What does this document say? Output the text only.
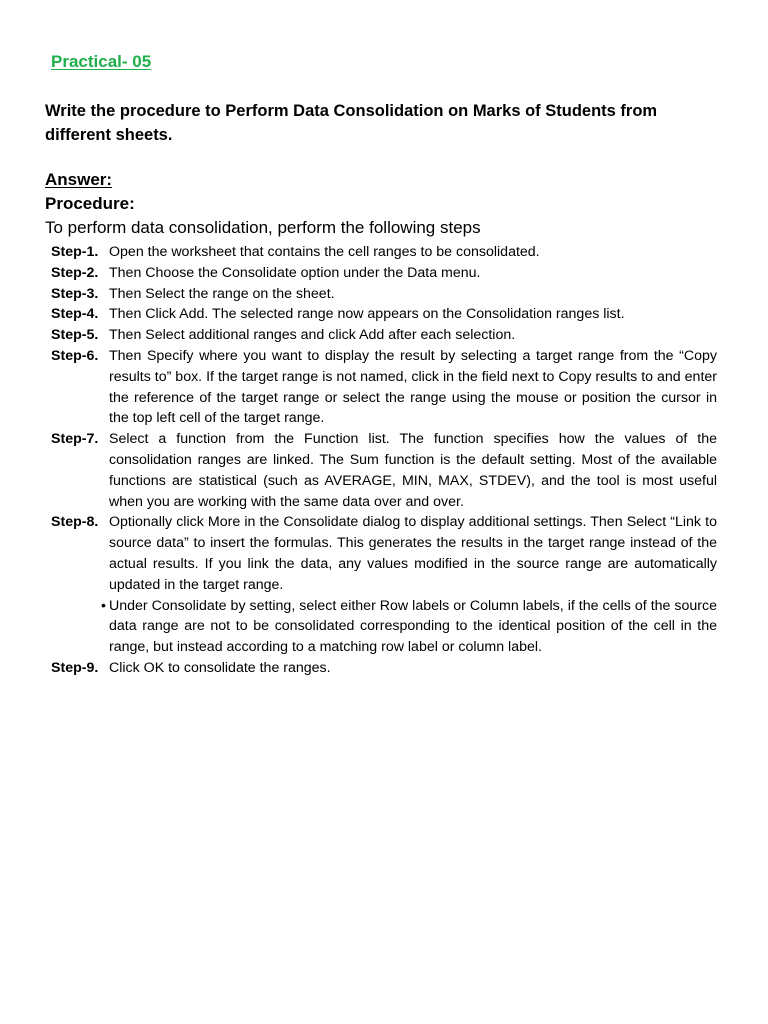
Practical- 05
Write the procedure to Perform Data Consolidation on Marks of Students from different sheets.
Answer:
Procedure:
To perform data consolidation, perform the following steps
Step-1. Open the worksheet that contains the cell ranges to be consolidated.
Step-2. Then Choose the Consolidate option under the Data menu.
Step-3. Then Select the range on the sheet.
Step-4. Then Click Add. The selected range now appears on the Consolidation ranges list.
Step-5. Then Select additional ranges and click Add after each selection.
Step-6. Then Specify where you want to display the result by selecting a target range from the “Copy results to” box. If the target range is not named, click in the field next to Copy results to and enter the reference of the target range or select the range using the mouse or position the cursor in the top left cell of the target range.
Step-7. Select a function from the Function list. The function specifies how the values of the consolidation ranges are linked. The Sum function is the default setting. Most of the available functions are statistical (such as AVERAGE, MIN, MAX, STDEV), and the tool is most useful when you are working with the same data over and over.
Step-8. Optionally click More in the Consolidate dialog to display additional settings. Then Select “Link to source data” to insert the formulas. This generates the results in the target range instead of the actual results. If you link the data, any values modified in the source range are automatically updated in the target range.
• Under Consolidate by setting, select either Row labels or Column labels, if the cells of the source data range are not to be consolidated corresponding to the identical position of the cell in the range, but instead according to a matching row label or column label.
Step-9. Click OK to consolidate the ranges.
